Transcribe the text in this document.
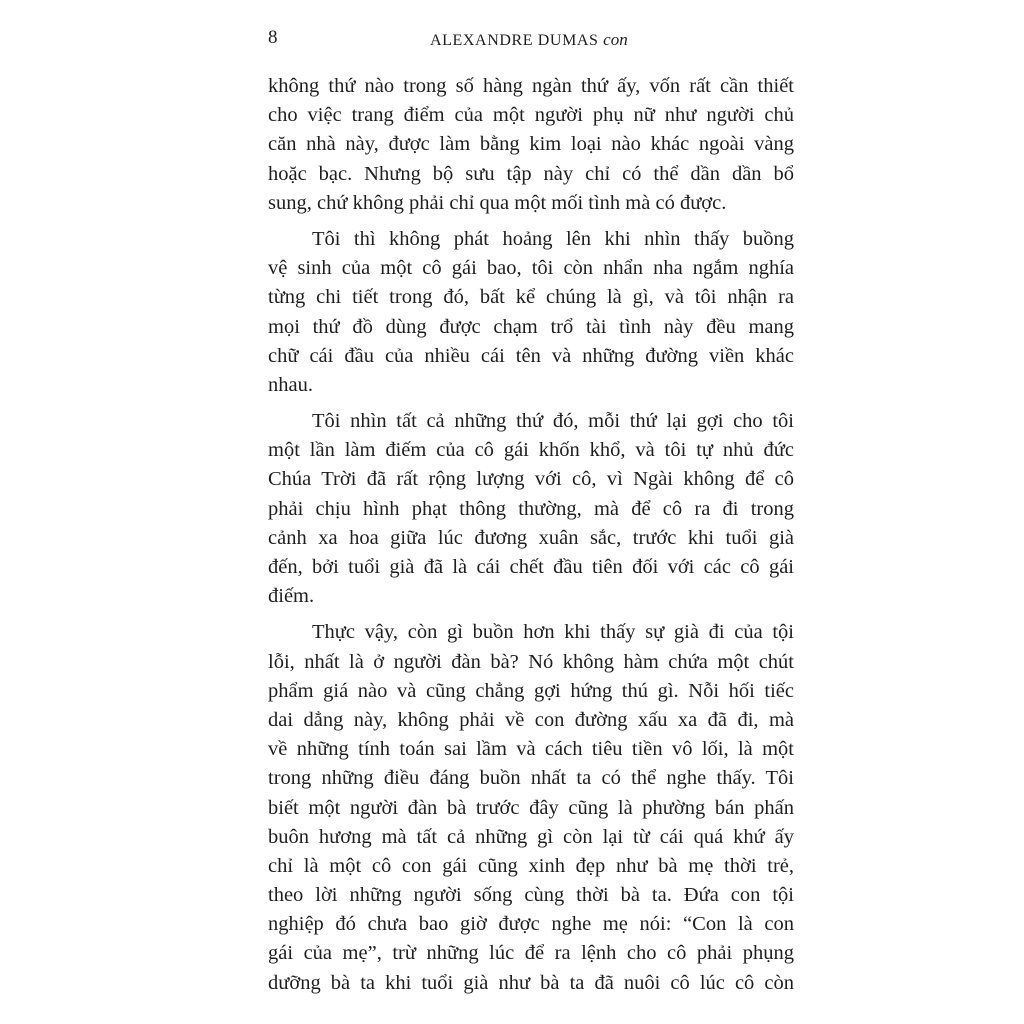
8	ALEXANDRE DUMAS con
không thứ nào trong số hàng ngàn thứ ấy, vốn rất cần thiết
cho việc trang điểm của một người phụ nữ như người chủ
căn nhà này, được làm bằng kim loại nào khác ngoài vàng
hoặc bạc. Nhưng bộ sưu tập này chỉ có thể dần dần bổ
sung, chứ không phải chỉ qua một mối tình mà có được.
Tôi thì không phát hoảng lên khi nhìn thấy buồng
vệ sinh của một cô gái bao, tôi còn nhẩn nha ngắm nghía
từng chi tiết trong đó, bất kể chúng là gì, và tôi nhận ra
mọi thứ đồ dùng được chạm trổ tài tình này đều mang
chữ cái đầu của nhiều cái tên và những đường viền khác
nhau.
Tôi nhìn tất cả những thứ đó, mỗi thứ lại gợi cho tôi
một lần làm điếm của cô gái khốn khổ, và tôi tự nhủ đức
Chúa Trời đã rất rộng lượng với cô, vì Ngài không để cô
phải chịu hình phạt thông thường, mà để cô ra đi trong
cảnh xa hoa giữa lúc đương xuân sắc, trước khi tuổi già
đến, bởi tuổi già đã là cái chết đầu tiên đối với các cô gái
điếm.
Thực vậy, còn gì buồn hơn khi thấy sự già đi của tội
lỗi, nhất là ở người đàn bà? Nó không hàm chứa một chút
phẩm giá nào và cũng chẳng gợi hứng thú gì. Nỗi hối tiếc
dai dẳng này, không phải về con đường xấu xa đã đi, mà
về những tính toán sai lầm và cách tiêu tiền vô lối, là một
trong những điều đáng buồn nhất ta có thể nghe thấy. Tôi
biết một người đàn bà trước đây cũng là phường bán phấn
buôn hương mà tất cả những gì còn lại từ cái quá khứ ấy
chỉ là một cô con gái cũng xinh đẹp như bà mẹ thời trẻ,
theo lời những người sống cùng thời bà ta. Đứa con tội
nghiệp đó chưa bao giờ được nghe mẹ nói: “Con là con
gái của mẹ”, trừ những lúc để ra lệnh cho cô phải phụng
dưỡng bà ta khi tuổi già như bà ta đã nuôi cô lúc cô còn
